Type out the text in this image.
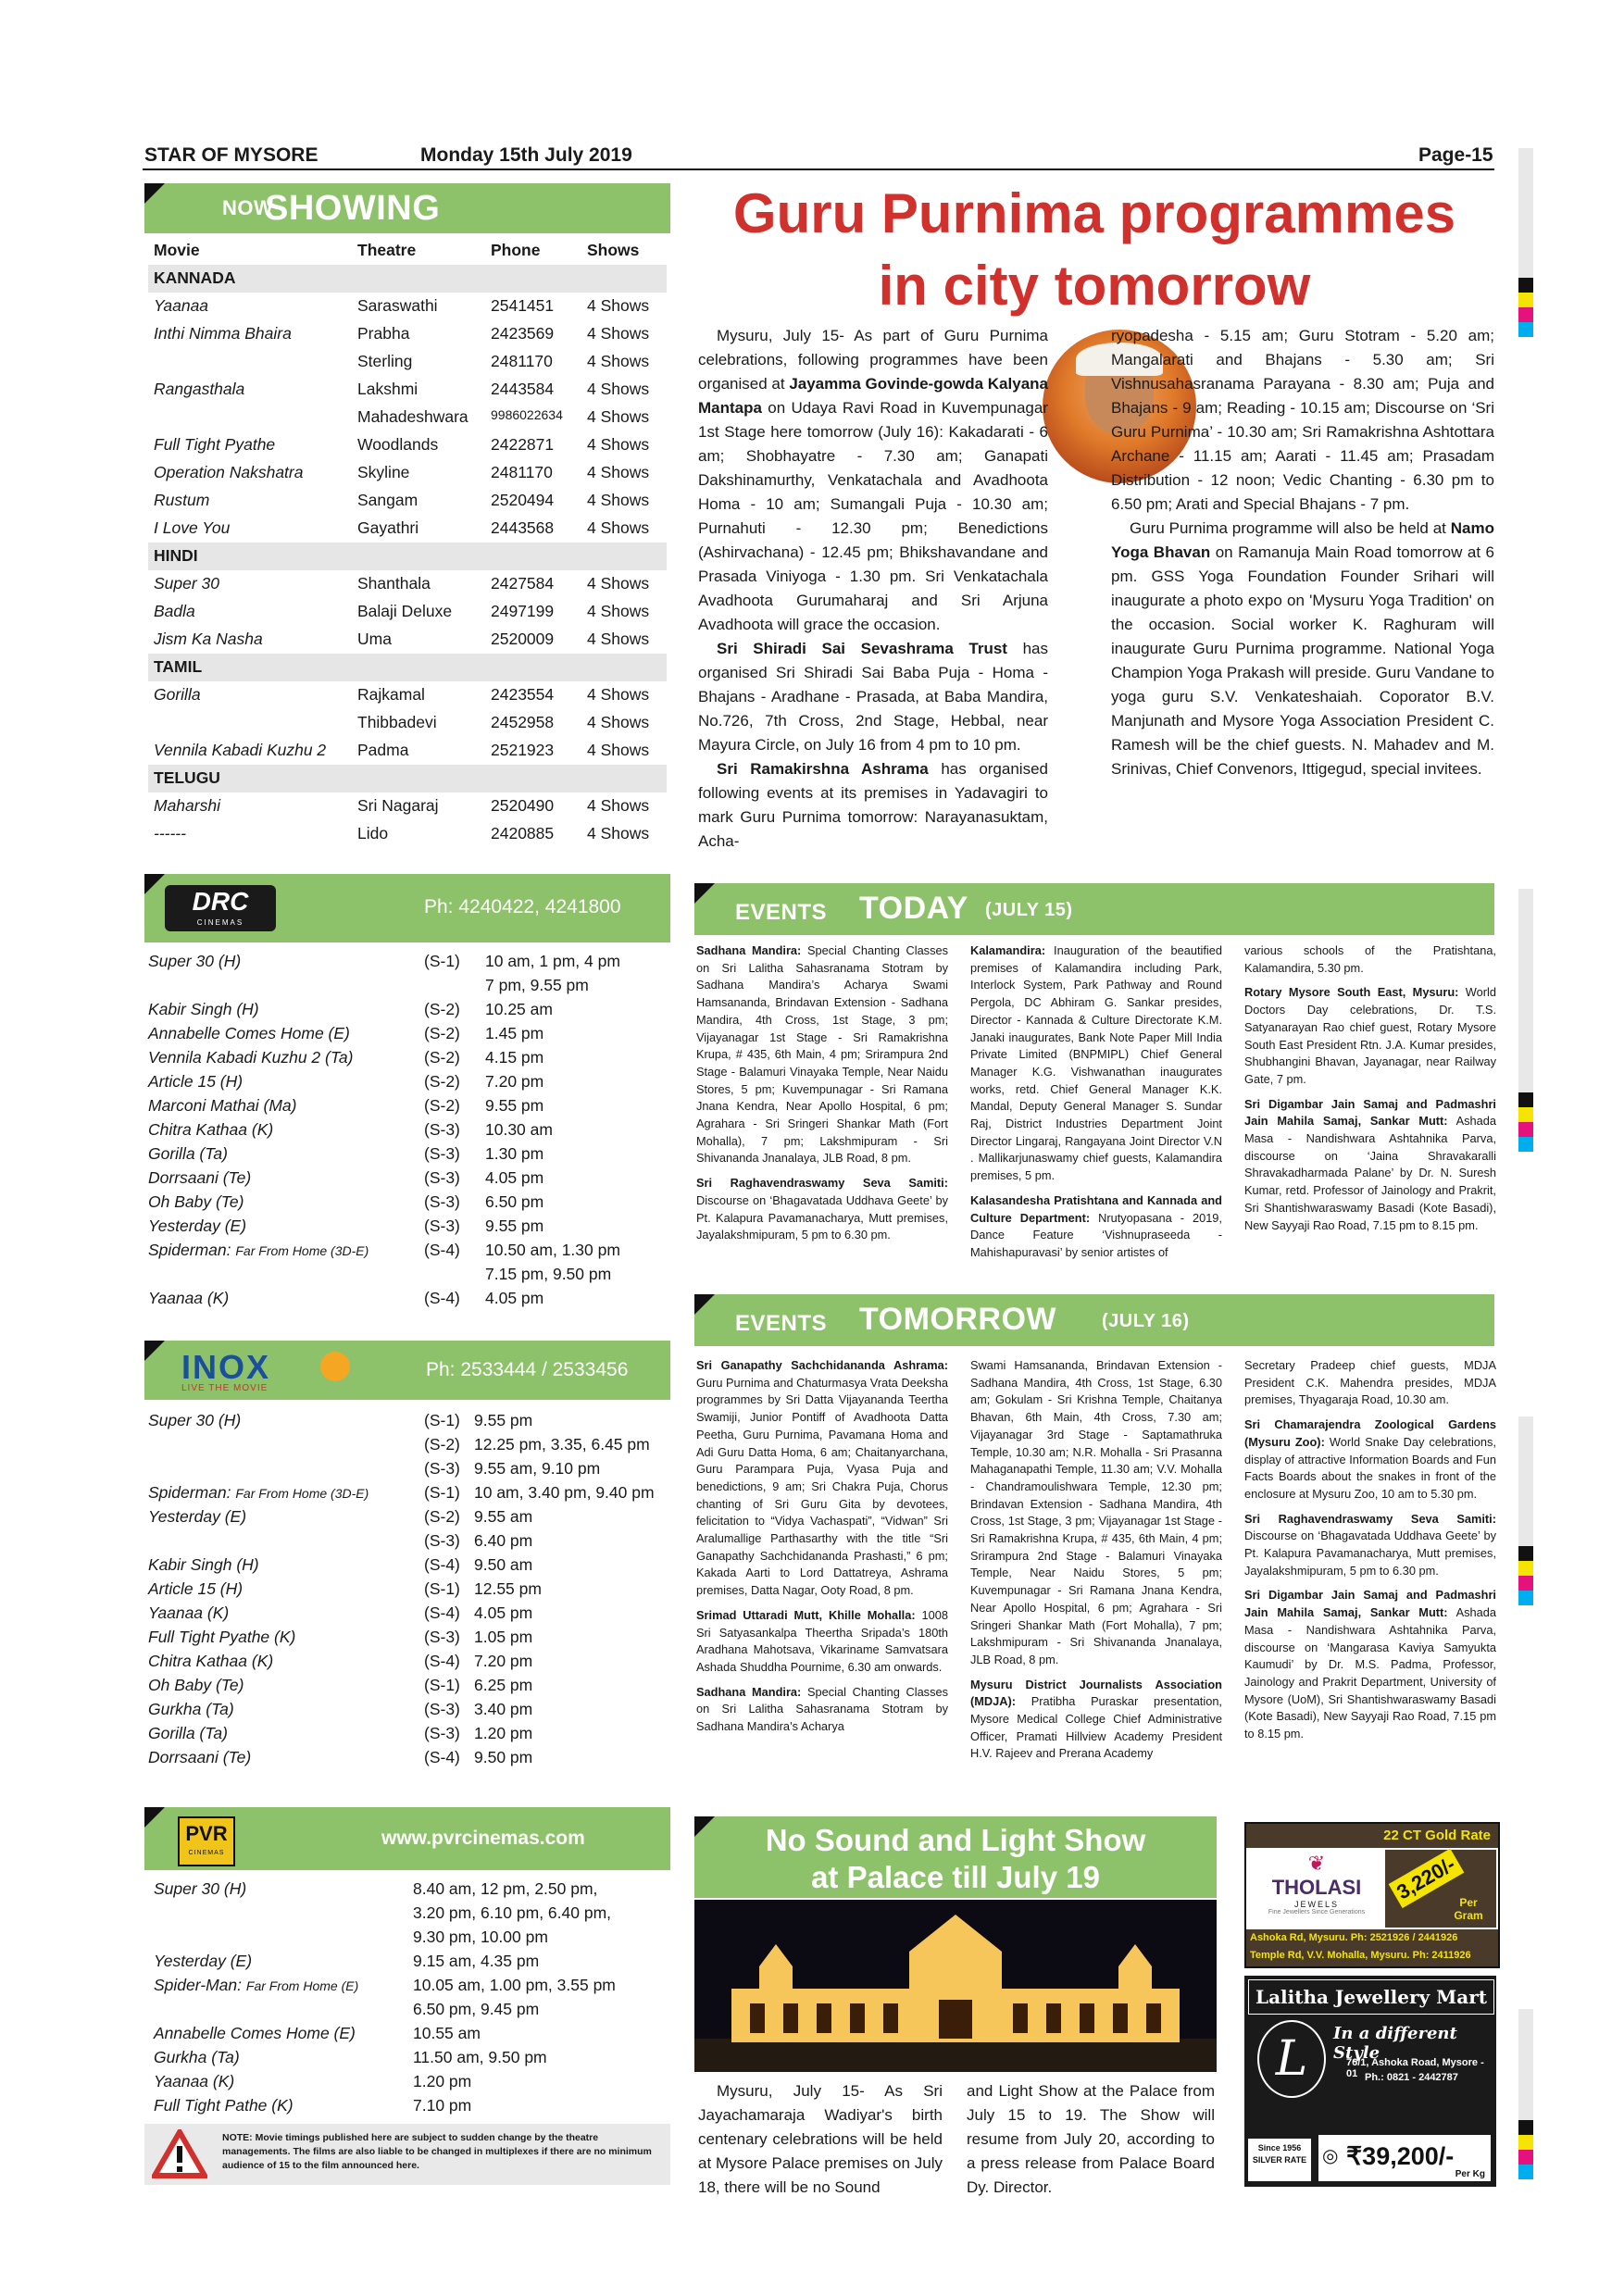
STAR OF MYSORE	Monday 15th July 2019	Page-15
NOW
SHOWING
Movie	Theatre	Phone	Shows
KANNADA			
Yaanaa	Saraswathi	2541451	4 Shows
Inthi Nimma Bhaira	Prabha	2423569	4 Shows
	Sterling	2481170	4 Shows
Rangasthala	Lakshmi	2443584	4 Shows
	Mahadeshwara	9986022634	4 Shows
Full Tight Pyathe	Woodlands	2422871	4 Shows
Operation Nakshatra	Skyline	2481170	4 Shows
Rustum	Sangam	2520494	4 Shows
I Love You	Gayathri	2443568	4 Shows
HINDI			
Super 30	Shanthala	2427584	4 Shows
Badla	Balaji Deluxe	2497199	4 Shows
Jism Ka Nasha	Uma	2520009	4 Shows
TAMIL			
Gorilla	Rajkamal	2423554	4 Shows
	Thibbadevi	2452958	4 Shows
Vennila Kabadi Kuzhu 2	Padma	2521923	4 Shows
TELUGU			
Maharshi	Sri Nagaraj	2520490	4 Shows
------	Lido	2420885	4 Shows
DRC
CINEMAS
Ph: 4240422, 4241800
Super 30 (H)	(S-1)	10 am, 1 pm, 4 pm
7 pm, 9.55 pm
Kabir Singh (H)	(S-2)	10.25 am
Annabelle Comes Home (E)	(S-2)	1.45 pm
Vennila Kabadi Kuzhu 2 (Ta)	(S-2)	4.15 pm
Article 15 (H)	(S-2)	7.20 pm
Marconi Mathai (Ma)	(S-2)	9.55 pm
Chitra Kathaa (K)	(S-3)	10.30 am
Gorilla (Ta)	(S-3)	1.30 pm
Dorrsaani (Te)	(S-3)	4.05 pm
Oh Baby (Te)	(S-3)	6.50 pm
Yesterday (E)	(S-3)	9.55 pm
Spiderman: Far From Home (3D-E)	(S-4)	10.50 am, 1.30 pm
7.15 pm, 9.50 pm
Yaanaa (K)	(S-4)	4.05 pm
INOX
LIVE THE MOVIE
Ph: 2533444 / 2533456
Super 30 (H)	(S-1) 9.55 pm
(S-2) 12.25 pm, 3.35, 6.45 pm
(S-3) 9.55 am, 9.10 pm
Spiderman: Far From Home (3D-E)	(S-1) 10 am, 3.40 pm, 9.40 pm
Yesterday (E)	(S-2) 9.55 am
(S-3) 6.40 pm
Kabir Singh (H)	(S-4) 9.50 am
Article 15 (H)	(S-1) 12.55 pm
Yaanaa (K)	(S-4) 4.05 pm
Full Tight Pyathe (K)	(S-3) 1.05 pm
Chitra Kathaa (K)	(S-4) 7.20 pm
Oh Baby (Te)	(S-1) 6.25 pm
Gurkha (Ta)	(S-3) 3.40 pm
Gorilla (Ta)	(S-3) 1.20 pm
Dorrsaani (Te)	(S-4) 9.50 pm
PVR
CINEMAS
www.pvrcinemas.com
Super 30 (H)	8.40 am, 12 pm, 2.50 pm,
3.20 pm, 6.10 pm, 6.40 pm,
9.30 pm, 10.00 pm
Yesterday (E)	9.15 am, 4.35 pm
Spider-Man: Far From Home (E)	10.05 am, 1.00 pm, 3.55 pm
6.50 pm, 9.45 pm
Annabelle Comes Home (E)	10.55 am
Gurkha (Ta)	11.50 am, 9.50 pm
Yaanaa (K)	1.20 pm
Full Tight Pathe (K)	7.10 pm
NOTE: Movie timings published here are subject to sudden change by the theatre managements. The films are also liable to be changed in multiplexes if there are no minimum audience of 15 to the film announced here.
Guru Purnima programmes
in city tomorrow
Mysuru, July 15- As part of Guru Purnima celebrations, following programmes have been organised at Jayamma Govinde-gowda Kalyana Mantapa on Udaya Ravi Road in Kuvempunagar 1st Stage here tomorrow (July 16): Kakadarati - 6 am; Shobhayatre - 7.30 am; Ganapati Dakshinamurthy, Venkatachala and Avadhoota Homa - 10 am; Sumangali Puja - 10.30 am; Purnahuti - 12.30 pm; Benedictions (Ashirvachana) - 12.45 pm; Bhikshavandane and Prasada Viniyoga - 1.30 pm. Sri Venkatachala Avadhoota Gurumaharaj and Sri Arjuna Avadhoota will grace the occasion.
Sri Shiradi Sai Sevashrama Trust has organised Sri Shiradi Sai Baba Puja - Homa - Bhajans - Aradhane - Prasada, at Baba Mandira, No.726, 7th Cross, 2nd Stage, Hebbal, near Mayura Circle, on July 16 from 4 pm to 10 pm.
Sri Ramakirshna Ashrama has organised following events at its premises in Yadavagiri to mark Guru Purnima tomorrow: Narayanasuktam, Acha-
ryopadesha - 5.15 am; Guru Stotram - 5.20 am; Mangalarati and Bhajans - 5.30 am; Sri Vishnusahasranama Parayana - 8.30 am; Puja and Bhajans - 9 am; Reading - 10.15 am; Discourse on ‘Sri Guru Purnima’ - 10.30 am; Sri Ramakrishna Ashtottara Archane - 11.15 am; Aarati - 11.45 am; Prasadam Distribution - 12 noon; Vedic Chanting - 6.30 pm to 6.50 pm; Arati and Special Bhajans - 7 pm.
Guru Purnima programme will also be held at Namo Yoga Bhavan on Ramanuja Main Road tomorrow at 6 pm. GSS Yoga Foundation Founder Srihari will inaugurate a photo expo on 'Mysuru Yoga Tradition' on the occasion. Social worker K. Raghuram will inaugurate Guru Purnima programme. National Yoga Champion Yoga Prakash will preside. Guru Vandane to yoga guru S.V. Venkateshaiah. Coporator B.V. Manjunath and Mysore Yoga Association President C. Ramesh will be the chief guests. N. Mahadev and M. Srinivas, Chief Convenors, Ittigegud, special invitees.
EVENTS TODAY (JULY 15)
Sadhana Mandira: Special Chanting Classes on Sri Lalitha Sahasranama Stotram by Sadhana Mandira’s Acharya Swami Hamsananda, Brindavan Extension - Sadhana Mandira, 4th Cross, 1st Stage, 3 pm; Vijayanagar 1st Stage - Sri Ramakrishna Krupa, # 435, 6th Main, 4 pm; Srirampura 2nd Stage - Balamuri Vinayaka Temple, Near Naidu Stores, 5 pm; Kuvempunagar - Sri Ramana Jnana Kendra, Near Apollo Hospital, 6 pm; Agrahara - Sri Sringeri Shankar Math (Fort Mohalla), 7 pm; Lakshmipuram - Sri Shivananda Jnanalaya, JLB Road, 8 pm.
Sri Raghavendraswamy Seva Samiti: Discourse on ‘Bhagavatada Uddhava Geete’ by Pt. Kalapura Pavamanacharya, Mutt premises, Jayalakshmipuram, 5 pm to 6.30 pm.
Kalamandira: Inauguration of the beautified premises of Kalamandira including Park, Interlock System, Park Pathway and Round Pergola, DC Abhiram G. Sankar presides, Director - Kannada & Culture Directorate K.M. Janaki inaugurates, Bank Note Paper Mill India Private Limited (BNPMIPL) Chief General Manager K.G. Vishwanathan inaugurates works, retd. Chief General Manager K.K. Mandal, Deputy General Manager S. Sundar Raj, District Industries Department Joint Director Lingaraj, Rangayana Joint Director V.N . Mallikarjunaswamy chief guests, Kalamandira premises, 5 pm.
Kalasandesha Pratishtana and Kannada and Culture Department: Nrutyopasana - 2019, Dance Feature ‘Vishnupraseeda - Mahishapuravasi’ by senior artistes of
various schools of the Pratishtana, Kalamandira, 5.30 pm.
Rotary Mysore South East, Mysuru: World Doctors Day celebrations, Dr. T.S. Satyanarayan Rao chief guest, Rotary Mysore South East President Rtn. J.A. Kumar presides, Shubhangini Bhavan, Jayanagar, near Railway Gate, 7 pm.
Sri Digambar Jain Samaj and Padmashri Jain Mahila Samaj, Sankar Mutt: Ashada Masa - Nandishwara Ashtahnika Parva, discourse on ‘Jaina Shravakaralli Shravakadharmada Palane’ by Dr. N. Suresh Kumar, retd. Professor of Jainology and Prakrit, Sri Shantishwaraswamy Basadi (Kote Basadi), New Sayyaji Rao Road, 7.15 pm to 8.15 pm.
EVENTS TOMORROW (JULY 16)
Sri Ganapathy Sachchidananda Ashrama: Guru Purnima and Chaturmasya Vrata Deeksha programmes by Sri Datta Vijayananda Teertha Swamiji, Junior Pontiff of Avadhoota Datta Peetha, Guru Purnima, Pavamana Homa and Adi Guru Datta Homa, 6 am; Chaitanyarchana, Guru Parampara Puja, Vyasa Puja and benedictions, 9 am; Sri Chakra Puja, Chorus chanting of Sri Guru Gita by devotees, felicitation to “Vidya Vachaspati”, “Vidwan” Sri Aralumallige Parthasarthy with the title “Sri Ganapathy Sachchidananda Prashasti,” 6 pm; Kakada Aarti to Lord Dattatreya, Ashrama premises, Datta Nagar, Ooty Road, 8 pm.
Srimad Uttaradi Mutt, Khille Mohalla: 1008 Sri Satyasankalpa Theertha Sripada’s 180th Aradhana Mahotsava, Vikariname Samvatsara Ashada Shuddha Pournime, 6.30 am onwards.
Sadhana Mandira: Special Chanting Classes on Sri Lalitha Sahasranama Stotram by Sadhana Mandira’s Acharya
Swami Hamsananda, Brindavan Extension - Sadhana Mandira, 4th Cross, 1st Stage, 6.30 am; Gokulam - Sri Krishna Temple, Chaitanya Bhavan, 6th Main, 4th Cross, 7.30 am; Vijayanagar 3rd Stage - Saptamathruka Temple, 10.30 am; N.R. Mohalla - Sri Prasanna Mahaganapathi Temple, 11.30 am; V.V. Mohalla - Chandramoulishwara Temple, 12.30 pm; Brindavan Extension - Sadhana Mandira, 4th Cross, 1st Stage, 3 pm; Vijayanagar 1st Stage - Sri Ramakrishna Krupa, # 435, 6th Main, 4 pm; Srirampura 2nd Stage - Balamuri Vinayaka Temple, Near Naidu Stores, 5 pm; Kuvempunagar - Sri Ramana Jnana Kendra, Near Apollo Hospital, 6 pm; Agrahara - Sri Sringeri Shankar Math (Fort Mohalla), 7 pm; Lakshmipuram - Sri Shivananda Jnanalaya, JLB Road, 8 pm.
Mysuru District Journalists Association (MDJA): Pratibha Puraskar presentation, Mysore Medical College Chief Administrative Officer, Pramati Hillview Academy President H.V. Rajeev and Prerana Academy
Secretary Pradeep chief guests, MDJA President C.K. Mahendra presides, MDJA premises, Thyagaraja Road, 10.30 am.
Sri Chamarajendra Zoological Gardens (Mysuru Zoo): World Snake Day celebrations, display of attractive Information Boards and Fun Facts Boards about the snakes in front of the enclosure at Mysuru Zoo, 10 am to 5.30 pm.
Sri Raghavendraswamy Seva Samiti: Discourse on ‘Bhagavatada Uddhava Geete’ by Pt. Kalapura Pavamanacharya, Mutt premises, Jayalakshmipuram, 5 pm to 6.30 pm.
Sri Digambar Jain Samaj and Padmashri Jain Mahila Samaj, Sankar Mutt: Ashada Masa - Nandishwara Ashtahnika Parva, discourse on ‘Mangarasa Kaviya Samyukta Kaumudi’ by Dr. M.S. Padma, Professor, Jainology and Prakrit Department, University of Mysore (UoM), Sri Shantishwaraswamy Basadi (Kote Basadi), New Sayyaji Rao Road, 7.15 pm to 8.15 pm.
No Sound and Light Show
at Palace till July 19
Mysuru, July 15- As Sri Jayachamaraja Wadiyar's birth centenary celebrations will be held at Mysore Palace premises on July 18, there will be no Sound
and Light Show at the Palace from July 15 to 19. The Show will resume from July 20, according to a press release from Palace Board Dy. Director.
22 CT Gold Rate
❦
THOLASI
JEWELS
Fine Jewellers Since Generations
3,220/- Per Gram
Ashoka Rd, Mysuru. Ph: 2521926 / 2441926
Temple Rd, V.V. Mohalla, Mysuru. Ph: 2411926
Lalitha Jewellery Mart
L	In a different Style
76/1, Ashoka Road, Mysore - 01 Ph.: 0821 - 2442787
Since 1956
SILVER RATE ◎ ₹39,200/-
Per Kg
